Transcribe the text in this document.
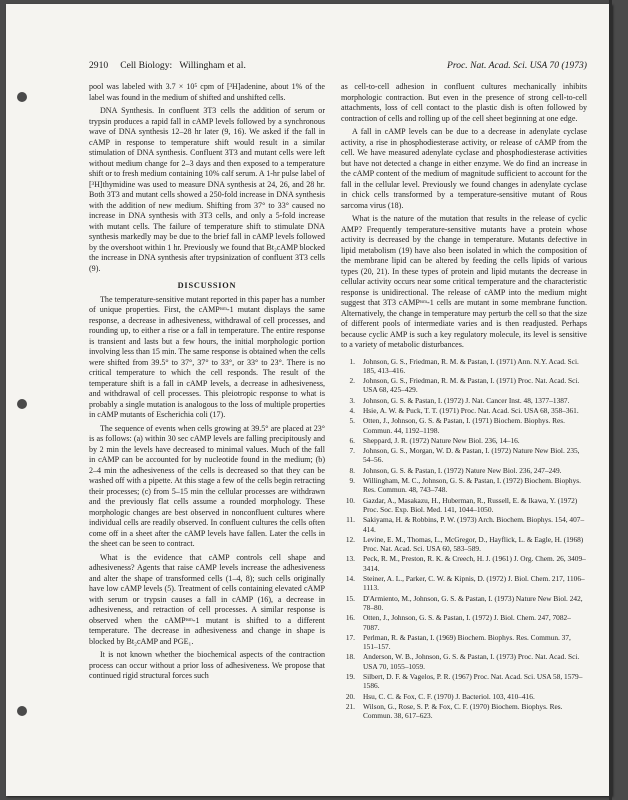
2910 Cell Biology: Willingham et al.	Proc. Nat. Acad. Sci. USA 70 (1973)

pool was labeled with 3.7 × 10⁵ cpm of [³H]adenine, about 1% of the label was found in the medium of shifted and unshifted cells.

DNA Synthesis. In confluent 3T3 cells the addition of serum or trypsin produces a rapid fall in cAMP levels followed by a synchronous wave of DNA synthesis 12–28 hr later (9, 16). We asked if the fall in cAMP in response to temperature shift would result in a similar stimulation of DNA synthesis. Confluent 3T3 and mutant cells were left without medium change for 2–3 days and then exposed to a temperature shift or to fresh medium containing 10% calf serum. A 1-hr pulse label of [³H]thymidine was used to measure DNA synthesis at 24, 26, and 28 hr. Both 3T3 and mutant cells showed a 250-fold increase in DNA synthesis with the addition of new medium. Shifting from 37° to 33° caused no increase in DNA synthesis with 3T3 cells, and only a 5-fold increase with mutant cells. The failure of temperature shift to stimulate DNA synthesis markedly may be due to the brief fall in cAMP levels followed by the overshoot within 1 hr. Previously we found that Bt₂cAMP blocked the increase in DNA synthesis after trypsinization of confluent 3T3 cells (9).

DISCUSSION

The temperature-sensitive mutant reported in this paper has a number of unique properties. First, the cAMPᵗˢᵐ-1 mutant displays the same response, a decrease in adhesiveness, withdrawal of cell processes, and rounding up, to either a rise or a fall in temperature. The entire response is transient and lasts but a few hours, the initial morphologic portion involving less than 15 min. The same response is obtained when the cells were shifted from 39.5° to 37°, 37° to 33°, or 33° to 23°. There is no critical temperature to which the cell responds. The result of the temperature shift is a fall in cAMP levels, a decrease in adhesiveness, and withdrawal of cell processes. This pleiotropic response to what is probably a single mutation is analogous to the loss of multiple properties in cAMP mutants of Escherichia coli (17).

The sequence of events when cells growing at 39.5° are placed at 23° is as follows: (a) within 30 sec cAMP levels are falling precipitously and by 2 min the levels have decreased to minimal values. Much of the fall in cAMP can be accounted for by nucleotide found in the medium; (b) 2–4 min the adhesiveness of the cells is decreased so that they can be washed off with a pipette. At this stage a few of the cells begin retracting their processes; (c) from 5–15 min the cellular processes are withdrawn and the previously flat cells assume a rounded morphology. These morphologic changes are best observed in nonconfluent cultures where individual cells are readily observed. In confluent cultures the cells often come off in a sheet after the cAMP levels have fallen. Later the cells in the sheet can be seen to contract.

What is the evidence that cAMP controls cell shape and adhesiveness? Agents that raise cAMP levels increase the adhesiveness and alter the shape of transformed cells (1–4, 8); such cells originally have low cAMP levels (5). Treatment of cells containing elevated cAMP with serum or trypsin causes a fall in cAMP (16), a decrease in adhesiveness, and retraction of cell processes. A similar response is observed when the cAMPᵗˢᵐ-1 mutant is shifted to a different temperature. The decrease in adhesiveness and change in shape is blocked by Bt₂cAMP and PGE₁.

It is not known whether the biochemical aspects of the contraction process can occur without a prior loss of adhesiveness. We propose that continued rigid structural forces such

as cell-to-cell adhesion in confluent cultures mechanically inhibits morphologic contraction. But even in the presence of strong cell-to-cell attachments, loss of cell contact to the plastic dish is often followed by contraction of cells and rolling up of the cell sheet beginning at one edge.

A fall in cAMP levels can be due to a decrease in adenylate cyclase activity, a rise in phosphodiesterase activity, or release of cAMP from the cell. We have measured adenylate cyclase and phosphodiesterase activities but have not detected a change in either enzyme. We do find an increase in the cAMP content of the medium of magnitude sufficient to account for the fall in the cellular level. Previously we found changes in adenylate cyclase in chick cells transformed by a temperature-sensitive mutant of Rous sarcoma virus (18).

What is the nature of the mutation that results in the release of cyclic AMP? Frequently temperature-sensitive mutants have a protein whose activity is decreased by the change in temperature. Mutants defective in lipid metabolism (19) have also been isolated in which the composition of the membrane lipid can be altered by feeding the cells lipids of various types (20, 21). In these types of protein and lipid mutants the decrease in cellular activity occurs near some critical temperature and the characteristic response is unidirectional. The release of cAMP into the medium might suggest that 3T3 cAMPᵗˢᵐ-1 cells are mutant in some membrane function. Alternatively, the change in temperature may perturb the cell so that the size of different pools of intermediate varies and is then readjusted. Perhaps because cyclic AMP is such a key regulatory molecule, its level is sensitive to a variety of metabolic disturbances.

1. Johnson, G. S., Friedman, R. M. & Pastan, I. (1971) Ann. N.Y. Acad. Sci. 185, 413–416.
2. Johnson, G. S., Friedman, R. M. & Pastan, I. (1971) Proc. Nat. Acad. Sci. USA 68, 425–429.
3. Johnson, G. S. & Pastan, I. (1972) J. Nat. Cancer Inst. 48, 1377–1387.
4. Hsie, A. W. & Puck, T. T. (1971) Proc. Nat. Acad. Sci. USA 68, 358–361.
5. Otten, J., Johnson, G. S. & Pastan, I. (1971) Biochem. Biophys. Res. Commun. 44, 1192–1198.
6. Sheppard, J. R. (1972) Nature New Biol. 236, 14–16.
7. Johnson, G. S., Morgan, W. D. & Pastan, I. (1972) Nature New Biol. 235, 54–56.
8. Johnson, G. S. & Pastan, I. (1972) Nature New Biol. 236, 247–249.
9. Willingham, M. C., Johnson, G. S. & Pastan, I. (1972) Biochem. Biophys. Res. Commun. 48, 743–748.
10. Gazdar, A., Masakazu, H., Huberman, R., Russell, E. & Ikawa, Y. (1972) Proc. Soc. Exp. Biol. Med. 141, 1044–1050.
11. Sakiyama, H. & Robbins, P. W. (1973) Arch. Biochem. Biophys. 154, 407–414.
12. Levine, E. M., Thomas, L., McGregor, D., Hayflick, L. & Eagle, H. (1968) Proc. Nat. Acad. Sci. USA 60, 583–589.
13. Peck, R. M., Preston, R. K. & Creech, H. J. (1961) J. Org. Chem. 26, 3409–3414.
14. Steiner, A. L., Parker, C. W. & Kipnis, D. (1972) J. Biol. Chem. 217, 1106–1113.
15. D'Armiento, M., Johnson, G. S. & Pastan, I. (1973) Nature New Biol. 242, 78–80.
16. Otten, J., Johnson, G. S. & Pastan, I. (1972) J. Biol. Chem. 247, 7082–7087.
17. Perlman, R. & Pastan, I. (1969) Biochem. Biophys. Res. Commun. 37, 151–157.
18. Anderson, W. B., Johnson, G. S. & Pastan, I. (1973) Proc. Nat. Acad. Sci. USA 70, 1055–1059.
19. Silbert, D. F. & Vagelos, P. R. (1967) Proc. Nat. Acad. Sci. USA 58, 1579–1586.
20. Hsu, C. C. & Fox, C. F. (1970) J. Bacteriol. 103, 410–416.
21. Wilson, G., Rose, S. P. & Fox, C. F. (1970) Biochem. Biophys. Res. Commun. 38, 617–623.
